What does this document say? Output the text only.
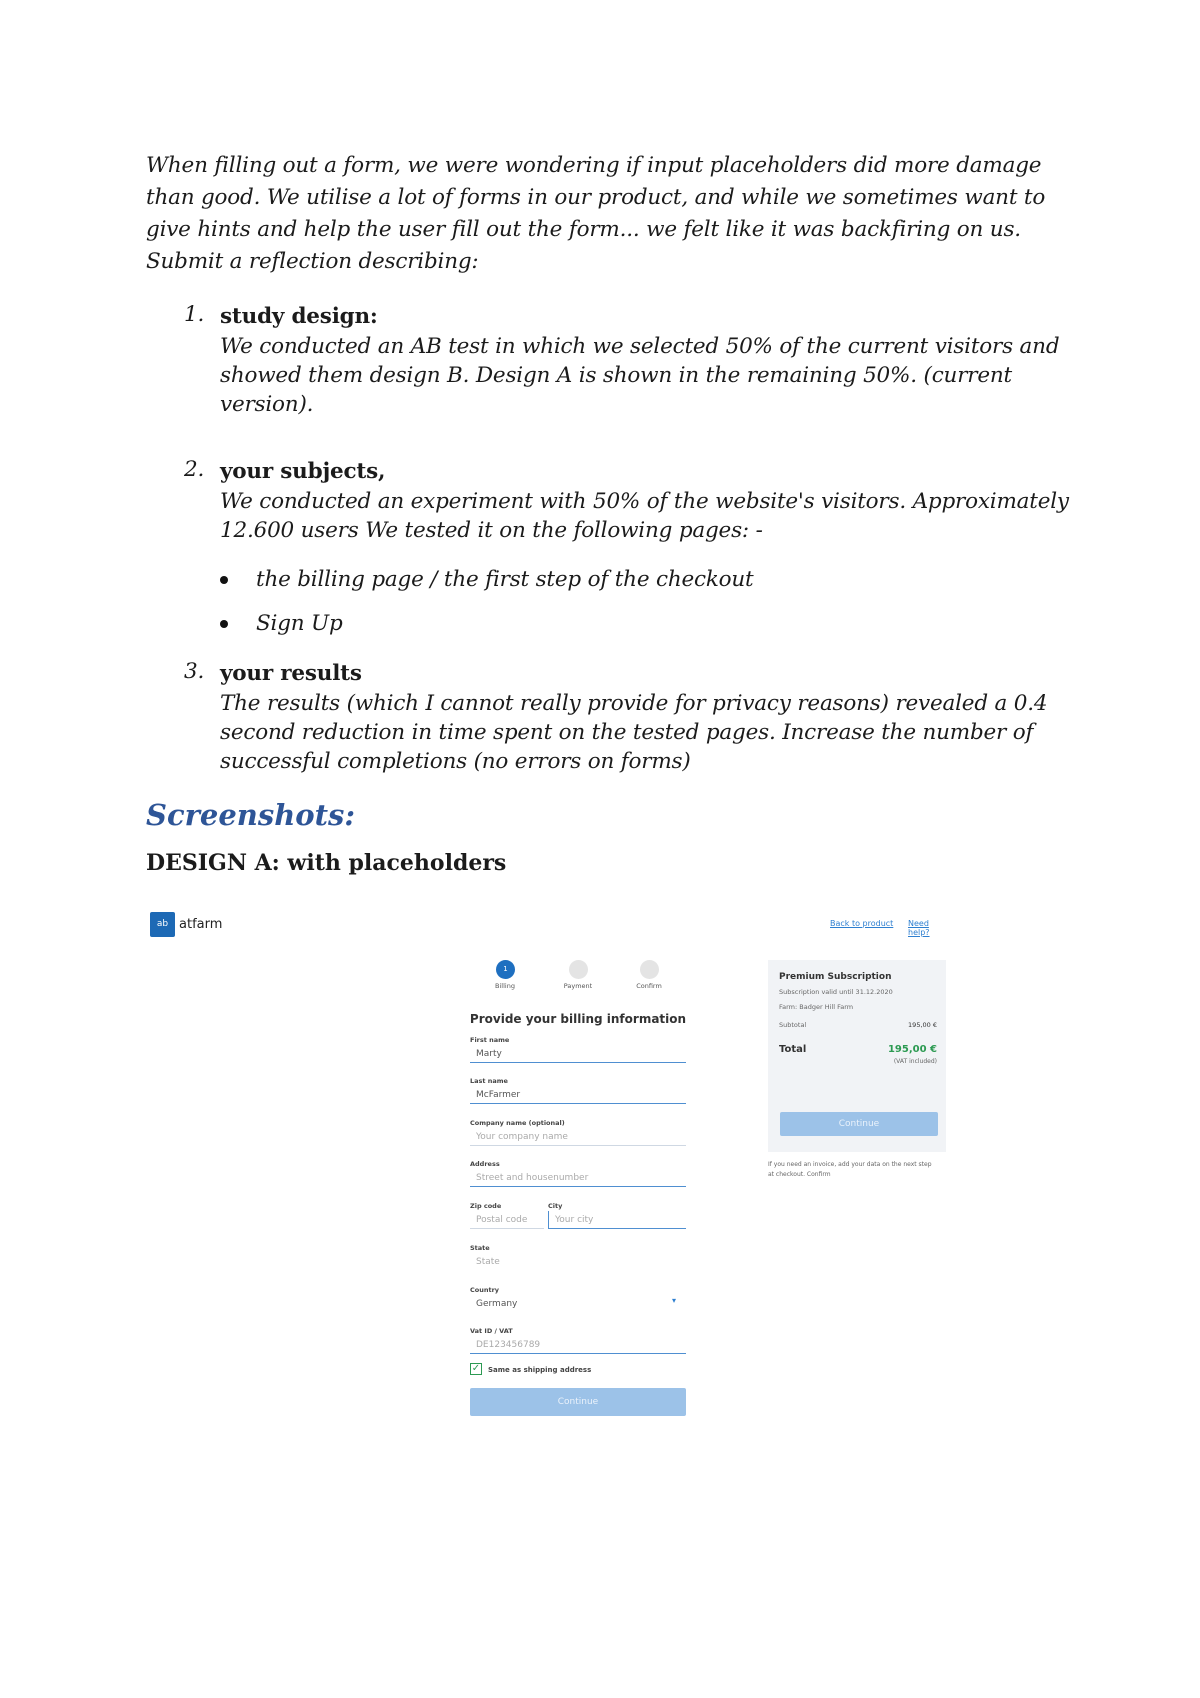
When filling out a form, we were wondering if input placeholders did more damage than good. We utilise a lot of forms in our product, and while we sometimes want to give hints and help the user fill out the form... we felt like it was backfiring on us.

Submit a reflection describing:

1. study design:
We conducted an AB test in which we selected 50% of the current visitors and showed them design B. Design A is shown in the remaining 50%. (current version).
2. your subjects,
We conducted an experiment with 50% of the website's visitors. Approximately 12.600 users We tested it on the following pages: -
the billing page / the first step of the checkout
Sign Up
3. your results
The results (which I cannot really provide for privacy reasons) revealed a 0.4 second reduction in time spent on the tested pages. Increase the number of successful completions (no errors on forms)
Screenshots:
DESIGN A: with placeholders
ab atfarm	Back to product Need help?
1
Billing	Payment	Confirm
Provide your billing information
First name
Marty
Last name
McFarmer
Company name (optional)
Your company name
Address
Street and housenumber
Zip code	City
Postal code	Your city
State
State
Country
Germany	▾
Vat ID / VAT
DE123456789
✓ Same as shipping address
Continue
Premium Subscription
Subscription valid until 31.12.2020
Farm: Badger Hill Farm
Subtotal	195,00 €
Total	195,00 €
(VAT included)
Continue
If you need an invoice, add your data on the next step at checkout. Confirm
